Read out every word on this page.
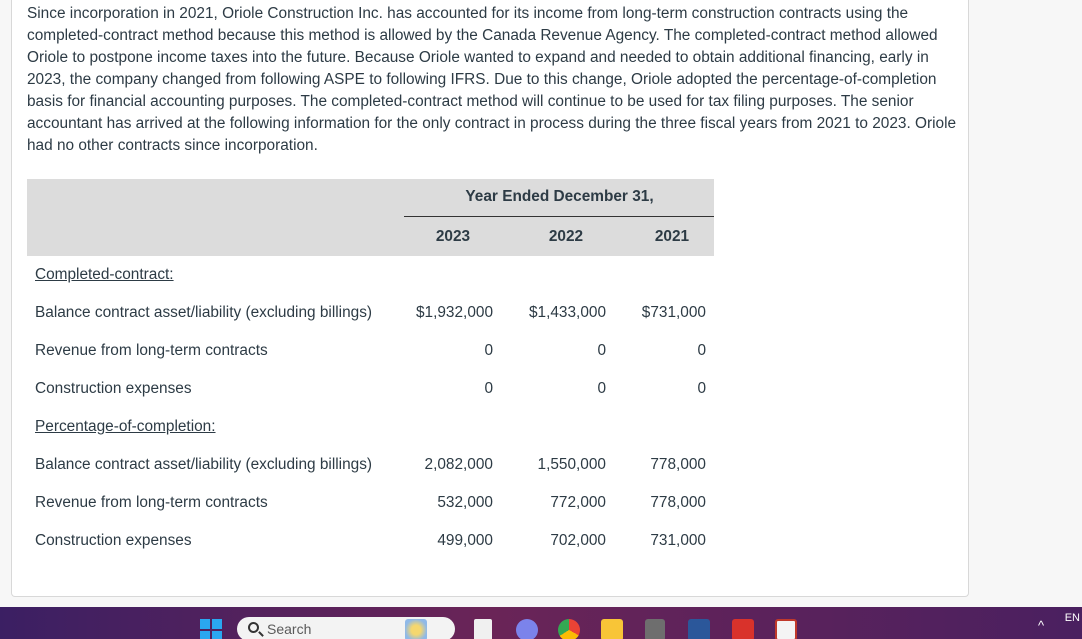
Since incorporation in 2021, Oriole Construction Inc. has accounted for its income from long-term construction contracts using the completed-contract method because this method is allowed by the Canada Revenue Agency. The completed-contract method allowed Oriole to postpone income taxes into the future. Because Oriole wanted to expand and needed to obtain additional financing, early in 2023, the company changed from following ASPE to following IFRS. Due to this change, Oriole adopted the percentage-of-completion basis for financial accounting purposes. The completed-contract method will continue to be used for tax filing purposes. The senior accountant has arrived at the following information for the only contract in process during the three fiscal years from 2021 to 2023. Oriole had no other contracts since incorporation.

Year Ended December 31,
2023	2022	2021
Completed-contract:
Balance contract asset/liability (excluding billings)	$1,932,000	$1,433,000	$731,000
Revenue from long-term contracts	0	0	0
Construction expenses	0	0	0
Percentage-of-completion:
Balance contract asset/liability (excluding billings)	2,082,000	1,550,000	778,000
Revenue from long-term contracts	532,000	772,000	778,000
Construction expenses	499,000	702,000	731,000
Search	^ EN
